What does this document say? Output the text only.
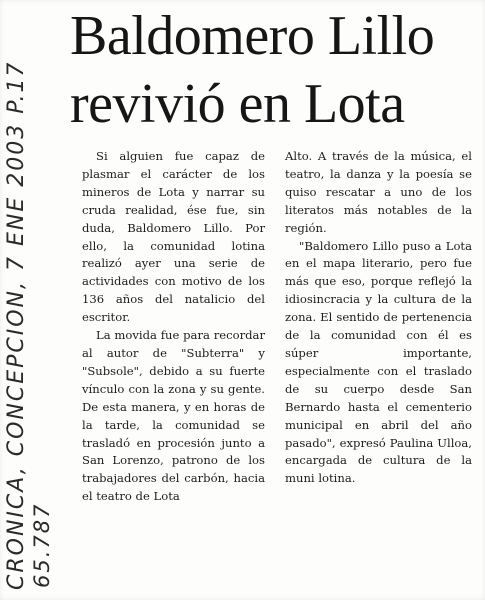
CRONICA, CONCEPCION, 7 ENE 2003 P.17 65.787
Baldomero Lillo
revivió en Lota

Si alguien fue capaz de plasmar el carácter de los mineros de Lota y narrar su cruda realidad, ése fue, sin duda, Baldomero Lillo. Por ello, la comunidad lotina realizó ayer una serie de actividades con motivo de los 136 años del natalicio del escritor.

La movida fue para recordar al autor de "Subterra" y "Subsole", debido a su fuerte vínculo con la zona y su gente. De esta manera, y en horas de la tarde, la comunidad se trasladó en procesión junto a San Lorenzo, patrono de los trabajadores del carbón, hacia el teatro de Lota

Alto. A través de la música, el teatro, la danza y la poesía se quiso rescatar a uno de los literatos más notables de la región.

"Baldomero Lillo puso a Lota en el mapa literario, pero fue más que eso, porque reflejó la idiosincracia y la cultura de la zona. El sentido de pertenencia de la comunidad con él es súper importante, especialmente con el traslado de su cuerpo desde San Bernardo hasta el cementerio municipal en abril del año pasado", expresó Paulina Ulloa, encargada de cultura de la muni lotina.
